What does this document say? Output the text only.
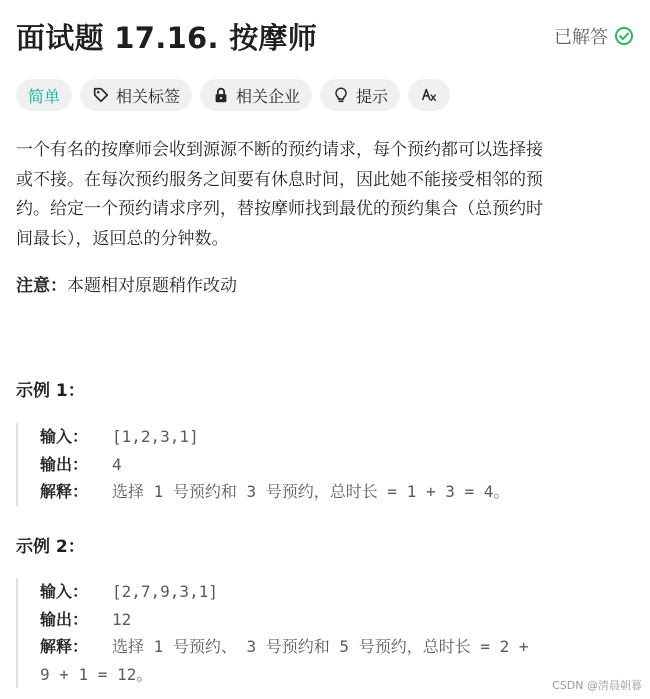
面试题 17.16. 按摩师	已解答
简单	相关标签	相关企业	提示
一个有名的按摩师会收到源源不断的预约请求，每个预约都可以选择接
或不接。在每次预约服务之间要有休息时间，因此她不能接受相邻的预
约。给定一个预约请求序列，替按摩师找到最优的预约集合（总预约时
间最长），返回总的分钟数。
注意：本题相对原题稍作改动
示例 1：
输入：	[1,2,3,1]
输出：	4
解释：	选择 1 号预约和 3 号预约，总时长 = 1 + 3 = 4。
示例 2：
输入：	[2,7,9,3,1]
输出：	12
解释：	选择 1 号预约、 3 号预约和 5 号预约，总时长 = 2 +
9 + 1 = 12。
CSDN @清晨朝暮
